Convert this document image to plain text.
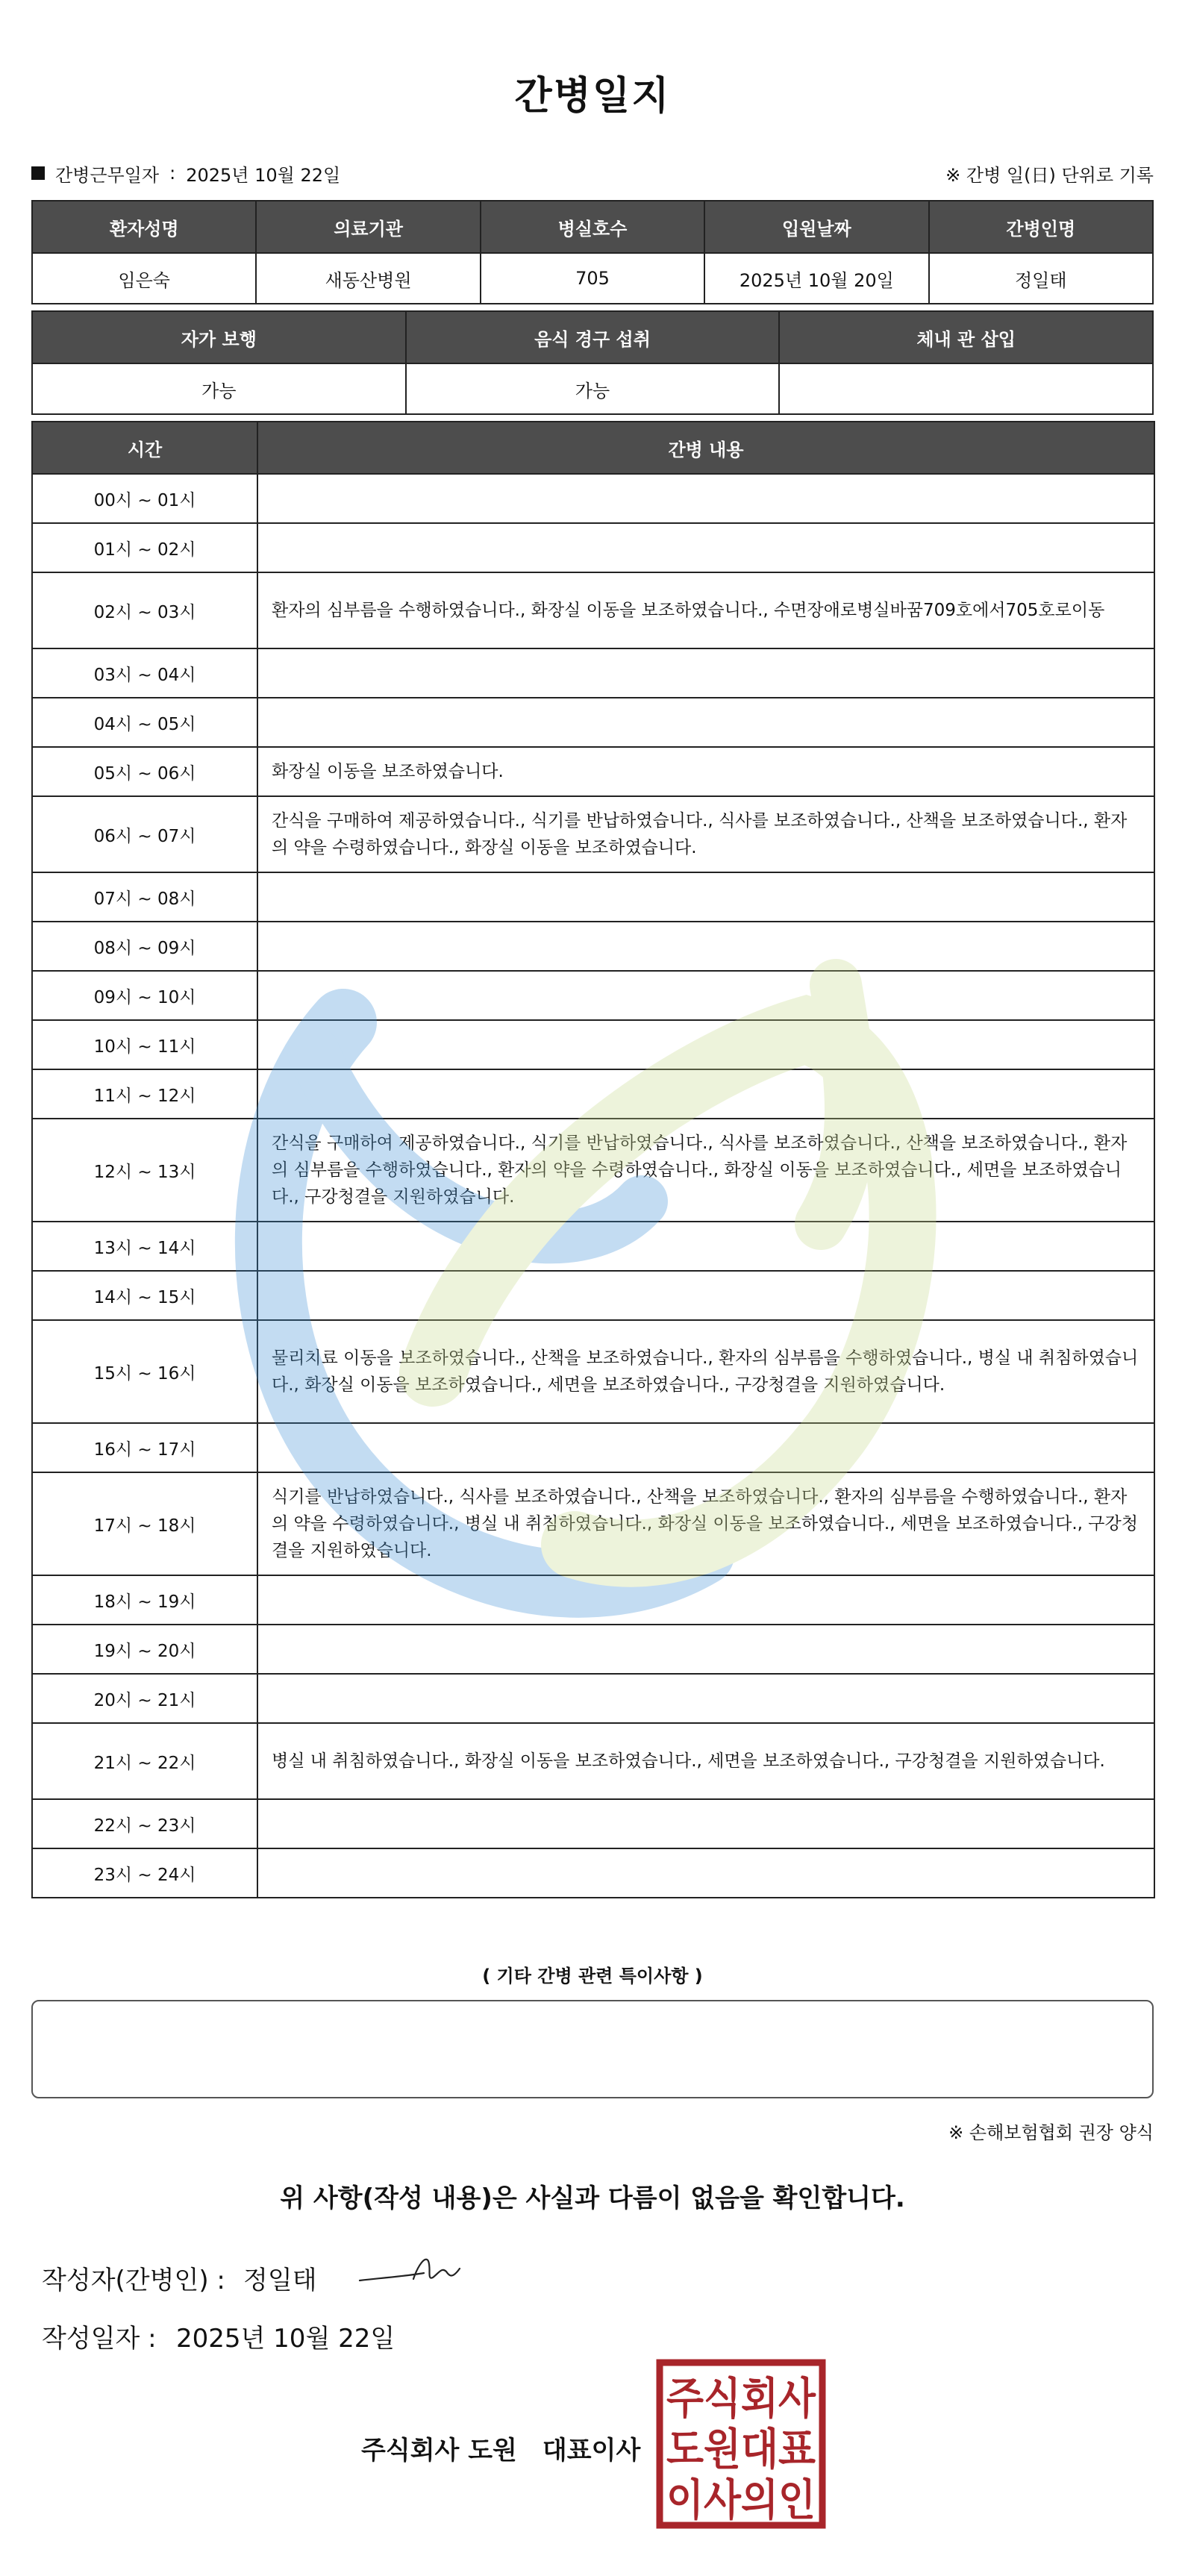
간병일지
간병근무일자 : 2025년 10월 22일	※ 간병 일(日) 단위로 기록
환자성명	의료기관	병실호수	입원날짜	간병인명
임은숙	새동산병원	705	2025년 10월 20일	정일태
자가 보행	음식 경구 섭취	체내 관 삽입
가능	가능	
시간	간병 내용
00시 ~ 01시	
01시 ~ 02시	
02시 ~ 03시	환자의 심부름을 수행하였습니다., 화장실 이동을 보조하였습니다., 수면장애로병실바꿈709호에서705호로이동
03시 ~ 04시	
04시 ~ 05시	
05시 ~ 06시	화장실 이동을 보조하였습니다.
06시 ~ 07시	간식을 구매하여 제공하였습니다., 식기를 반납하였습니다., 식사를 보조하였습니다., 산책을 보조하였습니다., 환자의 약을 수령하였습니다., 화장실 이동을 보조하였습니다.
07시 ~ 08시	
08시 ~ 09시	
09시 ~ 10시	
10시 ~ 11시	
11시 ~ 12시	
12시 ~ 13시	간식을 구매하여 제공하였습니다., 식기를 반납하였습니다., 식사를 보조하였습니다., 산책을 보조하였습니다., 환자의 심부름을 수행하였습니다., 환자의 약을 수령하였습니다., 화장실 이동을 보조하였습니다., 세면을 보조하였습니다., 구강청결을 지원하였습니다.
13시 ~ 14시	
14시 ~ 15시	
15시 ~ 16시	물리치료 이동을 보조하였습니다., 산책을 보조하였습니다., 환자의 심부름을 수행하였습니다., 병실 내 취침하였습니다., 화장실 이동을 보조하였습니다., 세면을 보조하였습니다., 구강청결을 지원하였습니다.
16시 ~ 17시	
17시 ~ 18시	식기를 반납하였습니다., 식사를 보조하였습니다., 산책을 보조하였습니다., 환자의 심부름을 수행하였습니다., 환자의 약을 수령하였습니다., 병실 내 취침하였습니다., 화장실 이동을 보조하였습니다., 세면을 보조하였습니다., 구강청결을 지원하였습니다.
18시 ~ 19시	
19시 ~ 20시	
20시 ~ 21시	
21시 ~ 22시	병실 내 취침하였습니다., 화장실 이동을 보조하였습니다., 세면을 보조하였습니다., 구강청결을 지원하였습니다.
22시 ~ 23시	
23시 ~ 24시	
( 기타 간병 관련 특이사항 )
※ 손해보험협회 권장 양식
위 사항(작성 내용)은 사실과 다름이 없음을 확인합니다.
작성자(간병인) : 정일태
작성일자 : 2025년 10월 22일
주식회사 도원 대표이사
주식회사
도원대표
이사의인
